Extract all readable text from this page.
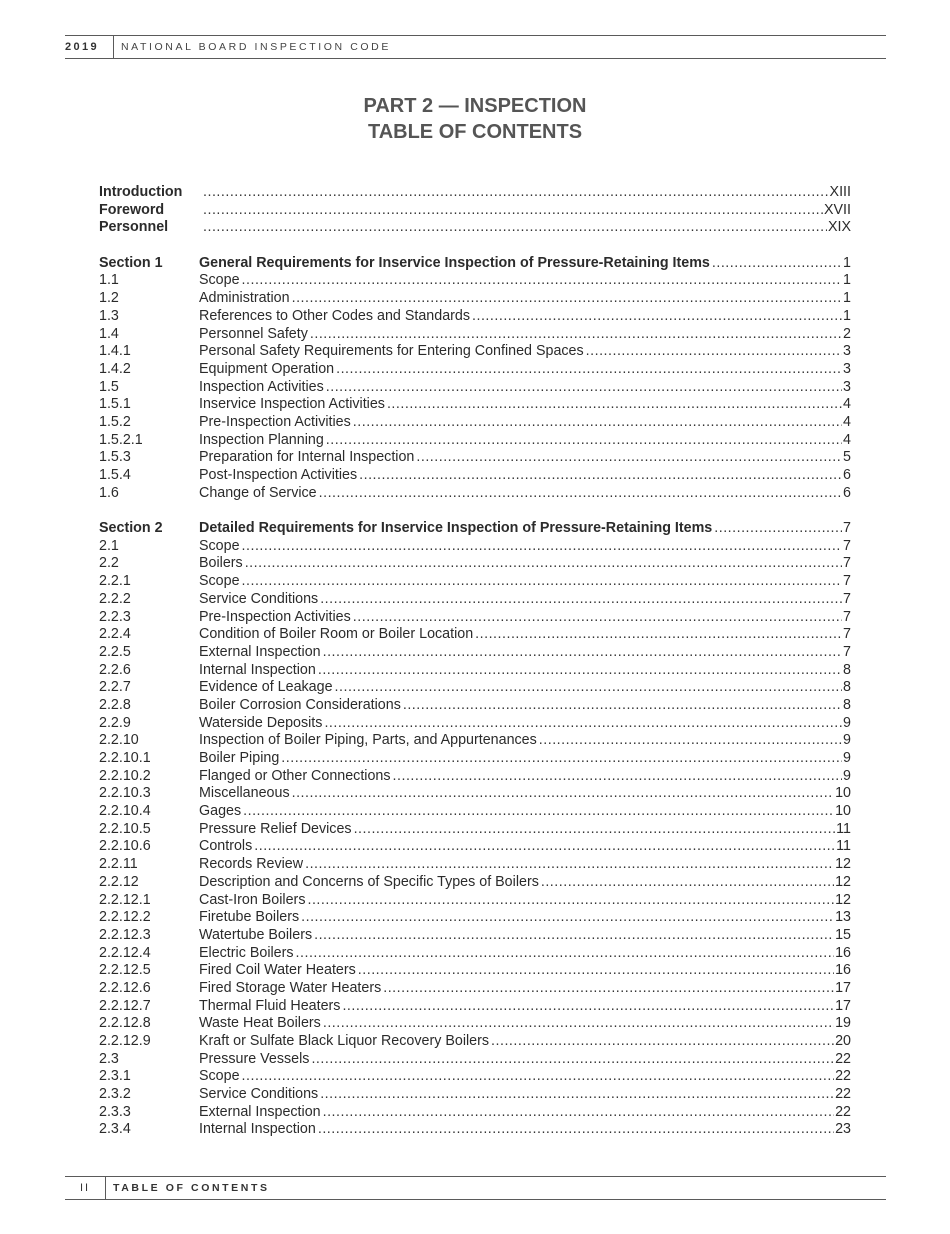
2019	NATIONAL BOARD INSPECTION CODE
PART 2 — INSPECTION
TABLE OF CONTENTS
Introduction .....	XIII
Foreword .....	XVII
Personnel .....	XIX
Section 1	General Requirements for Inservice Inspection of Pressure-Retaining Items .....	1
1.1	Scope .....	1
1.2	Administration .....	1
1.3	References to Other Codes and Standards .....	1
1.4	Personnel Safety .....	2
1.4.1	Personal Safety Requirements for Entering Confined Spaces .....	3
1.4.2	Equipment Operation .....	3
1.5	Inspection Activities .....	3
1.5.1	Inservice Inspection Activities .....	4
1.5.2	Pre-Inspection Activities .....	4
1.5.2.1	Inspection Planning .....	4
1.5.3	Preparation for Internal Inspection .....	5
1.5.4	Post-Inspection Activities .....	6
1.6	Change of Service .....	6
Section 2	Detailed Requirements for Inservice Inspection of Pressure-Retaining Items .....	7
2.1	Scope .....	7
2.2	Boilers .....	7
2.2.1	Scope .....	7
2.2.2	Service Conditions .....	7
2.2.3	Pre-Inspection Activities .....	7
2.2.4	Condition of Boiler Room or Boiler Location .....	7
2.2.5	External Inspection .....	7
2.2.6	Internal Inspection .....	8
2.2.7	Evidence of Leakage .....	8
2.2.8	Boiler Corrosion Considerations .....	8
2.2.9	Waterside Deposits .....	9
2.2.10	Inspection of Boiler Piping, Parts, and Appurtenances .....	9
2.2.10.1	Boiler Piping .....	9
2.2.10.2	Flanged or Other Connections .....	9
2.2.10.3	Miscellaneous .....	10
2.2.10.4	Gages .....	10
2.2.10.5	Pressure Relief Devices .....	11
2.2.10.6	Controls .....	11
2.2.11	Records Review .....	12
2.2.12	Description and Concerns of Specific Types of Boilers .....	12
2.2.12.1	Cast-Iron Boilers .....	12
2.2.12.2	Firetube Boilers .....	13
2.2.12.3	Watertube Boilers .....	15
2.2.12.4	Electric Boilers .....	16
2.2.12.5	Fired Coil Water Heaters .....	16
2.2.12.6	Fired Storage Water Heaters .....	17
2.2.12.7	Thermal Fluid Heaters .....	17
2.2.12.8	Waste Heat Boilers .....	19
2.2.12.9	Kraft or Sulfate Black Liquor Recovery Boilers .....	20
2.3	Pressure Vessels .....	22
2.3.1	Scope .....	22
2.3.2	Service Conditions .....	22
2.3.3	External Inspection .....	22
2.3.4	Internal Inspection .....	23
II	TABLE OF CONTENTS
